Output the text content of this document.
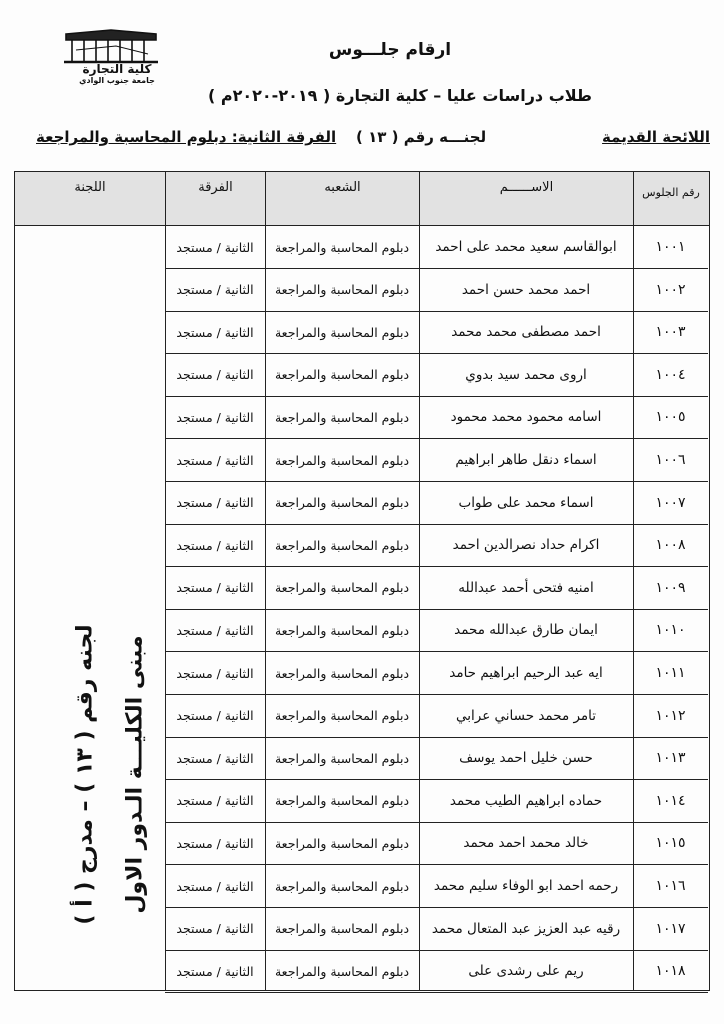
كلية التجارة
جامعة جنوب الوادي
ارقام جلـــوس
طلاب دراسات عليا – كلية التجارة ( ٢٠١٩-٢٠٢٠م )
اللائحة القديمة
لجنـــه رقم ( ١٣ )
الفرقة الثانية: دبلوم المحاسبة والمراجعة
رقم الجلوس
الاســــــم
الشعبه
الفرقة
اللجنة
لجنه رقم ( ١٣ ) – مدرج ( أ ) مبنى الكليـــة الـدور الاول
١٠٠١
ابوالقاسم سعيد محمد على احمد
دبلوم المحاسبة والمراجعة
الثانية / مستجد
١٠٠٢
احمد محمد حسن احمد
دبلوم المحاسبة والمراجعة
الثانية / مستجد
١٠٠٣
احمد مصطفى محمد محمد
دبلوم المحاسبة والمراجعة
الثانية / مستجد
١٠٠٤
اروى محمد سيد بدوي
دبلوم المحاسبة والمراجعة
الثانية / مستجد
١٠٠٥
اسامه محمود محمد محمود
دبلوم المحاسبة والمراجعة
الثانية / مستجد
١٠٠٦
اسماء دنقل طاهر ابراهيم
دبلوم المحاسبة والمراجعة
الثانية / مستجد
١٠٠٧
اسماء محمد على طواب
دبلوم المحاسبة والمراجعة
الثانية / مستجد
١٠٠٨
اكرام حداد نصرالدين احمد
دبلوم المحاسبة والمراجعة
الثانية / مستجد
١٠٠٩
امنيه فتحى أحمد عبدالله
دبلوم المحاسبة والمراجعة
الثانية / مستجد
١٠١٠
ايمان طارق عبدالله محمد
دبلوم المحاسبة والمراجعة
الثانية / مستجد
١٠١١
ايه عبد الرحيم ابراهيم حامد
دبلوم المحاسبة والمراجعة
الثانية / مستجد
١٠١٢
تامر محمد حساني عرابي
دبلوم المحاسبة والمراجعة
الثانية / مستجد
١٠١٣
حسن خليل احمد يوسف
دبلوم المحاسبة والمراجعة
الثانية / مستجد
١٠١٤
حماده ابراهيم الطيب محمد
دبلوم المحاسبة والمراجعة
الثانية / مستجد
١٠١٥
خالد محمد احمد محمد
دبلوم المحاسبة والمراجعة
الثانية / مستجد
١٠١٦
رحمه احمد ابو الوفاء سليم محمد
دبلوم المحاسبة والمراجعة
الثانية / مستجد
١٠١٧
رقيه عبد العزيز عبد المتعال محمد
دبلوم المحاسبة والمراجعة
الثانية / مستجد
١٠١٨
ريم على رشدى على
دبلوم المحاسبة والمراجعة
الثانية / مستجد
